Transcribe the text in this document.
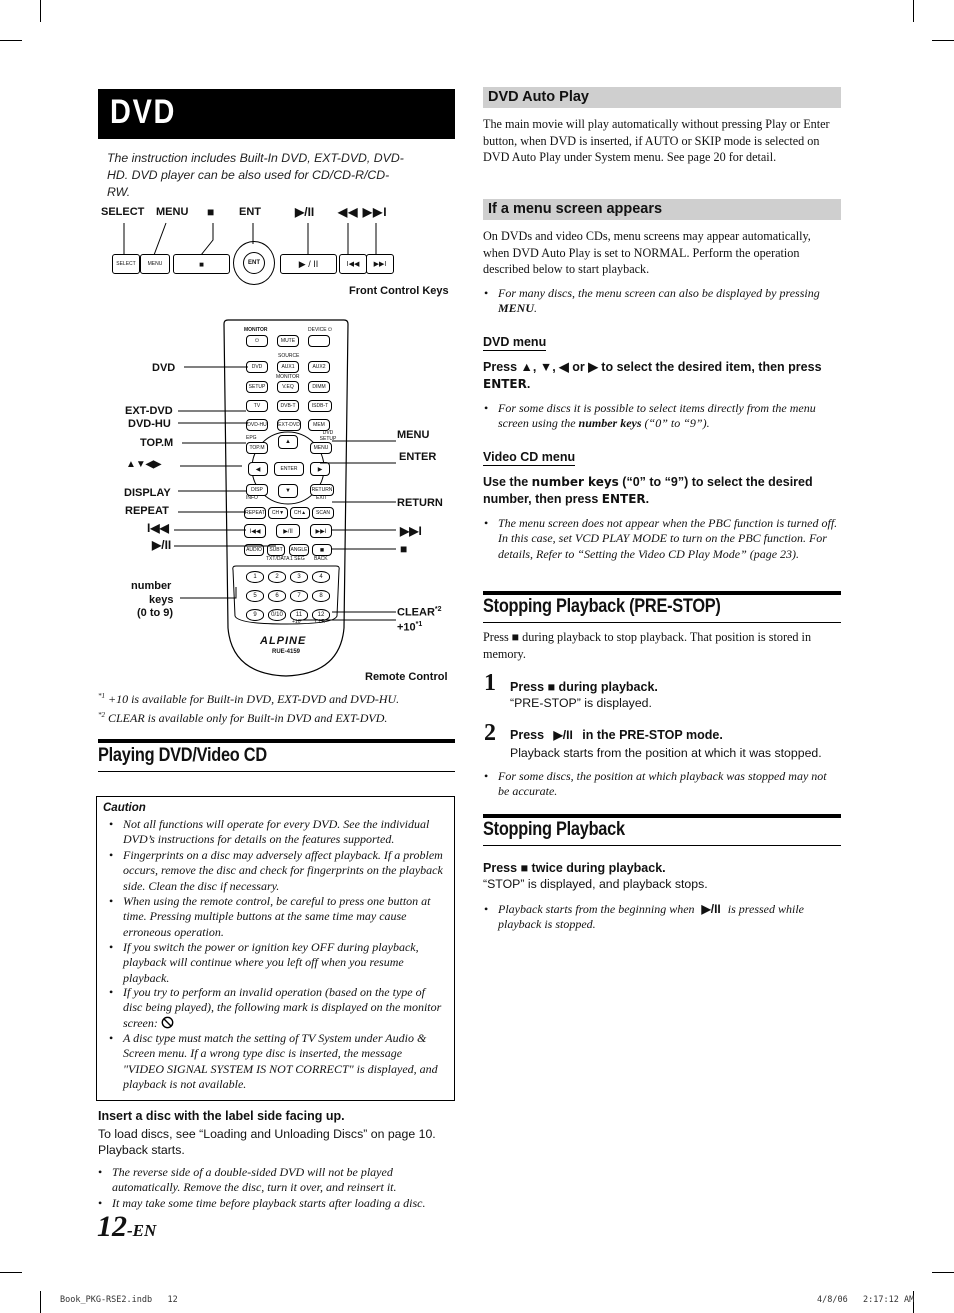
DVD
The instruction includes Built-In DVD, EXT-DVD, DVD-HD. DVD player can be also used for CD/CD-R/CD-RW.
SELECT MENU ■ ENT	▶/II ◀◀ ▶▶I
SELECT	MENU	■	ENT	▶ / II	I◀◀	▶▶I
Front Control Keys
MONITOR	DEVICE ⏻
⏻	MUTE
SOURCE
DVD	AUX1	AUX2
MONITOR
SETUP	V.EQ	DIMM
TV	DVB-T	ISDB-T
DVD-HU EXT-DVD	MEM
EPG
DVD SETUP
TOP.M	MENU
▲
◀	ENTER	▶
▼
DISP
INFO
RETURN
EXIT
REPEAT	CH▼	CH▲	SCAN
I◀◀	▶/II	▶▶I
AUDIO	SUBT	ANGLE	■
TXT/DATA 1 SEG BACK
1	2	3	4
5	6	7	8
9	0/10	11	12
+10	CLR
ALPINE
RUE-4159
DVD
EXT-DVD
DVD-HU
TOP.M
▲▼◀▶
DISPLAY
REPEAT
I◀◀
▶/II
number
keys
(0 to 9)
MENU
ENTER
RETURN
▶▶I
■
$CLEAR^{*2}$
$+10^{*1}$
Remote Control
$^{*1}$ +10 is available for Built-in DVD, EXT-DVD and DVD-HU.
$^{*2}$ CLEAR is available only for Built-in DVD and EXT-DVD.
Playing DVD/Video CD
Caution
• Not all functions will operate for every DVD. See the individual DVD’s instructions for details on the features supported.
• Fingerprints on a disc may adversely affect playback. If a problem occurs, remove the disc and check for fingerprints on the playback side. Clean the disc if necessary.
• When using the remote control, be careful to press one button at time. Pressing multiple buttons at the same time may cause erroneous operation.
• If you switch the power or ignition key OFF during playback, playback will continue where you left off when you resume playback.
• If you try to perform an invalid operation (based on the type of disc being played), the following mark is displayed on the monitor screen:
• A disc type must match the setting of TV System under Audio & Screen menu. If a wrong type disc is inserted, the message "VIDEO SIGNAL SYSTEM IS NOT CORRECT" is displayed, and playback is not available.
Insert a disc with the label side facing up.
To load discs, see “Loading and Unloading Discs” on page 10. Playback starts.
• The reverse side of a double-sided DVD will not be played automatically. Remove the disc, turn it over, and reinsert it.
• It may take some time before playback starts after loading a disc.
12-EN
DVD Auto Play
The main movie will play automatically without pressing Play or Enter button, when DVD is inserted, if AUTO or SKIP mode is selected on DVD Auto Play under System menu. See page 20 for detail.
If a menu screen appears
On DVDs and video CDs, menu screens may appear automatically, when DVD Auto Play is set to NORMAL. Perform the operation described below to start playback.
• For many discs, the menu screen can also be displayed by pressing MENU.
DVD menu
Press ▲, ▼, ◀ or ▶ to select the desired item, then press ENTER.
• For some discs it is possible to select items directly from the menu screen using the number keys (“0” to “9”).
Video CD menu
Use the number keys (“0” to “9”) to select the desired number, then press ENTER.
• The menu screen does not appear when the PBC function is turned off. In this case, set VCD PLAY MODE to turn on the PBC function. For details, Refer to “Setting the Video CD Play Mode” (page 23).
Stopping Playback (PRE-STOP)
Press ■ during playback to stop playback. That position is stored in memory.
1 Press ■ during playback.
“PRE-STOP” is displayed.
2 Press ▶/II in the PRE-STOP mode.
Playback starts from the position at which it was stopped.
• For some discs, the position at which playback was stopped may not be accurate.
Stopping Playback
Press ■ twice during playback.
“STOP” is displayed, and playback stops.
• Playback starts from the beginning when ▶/II is pressed while playback is stopped.
Book_PKG-RSE2.indb   12	4/8/06   2:17:12 AM
